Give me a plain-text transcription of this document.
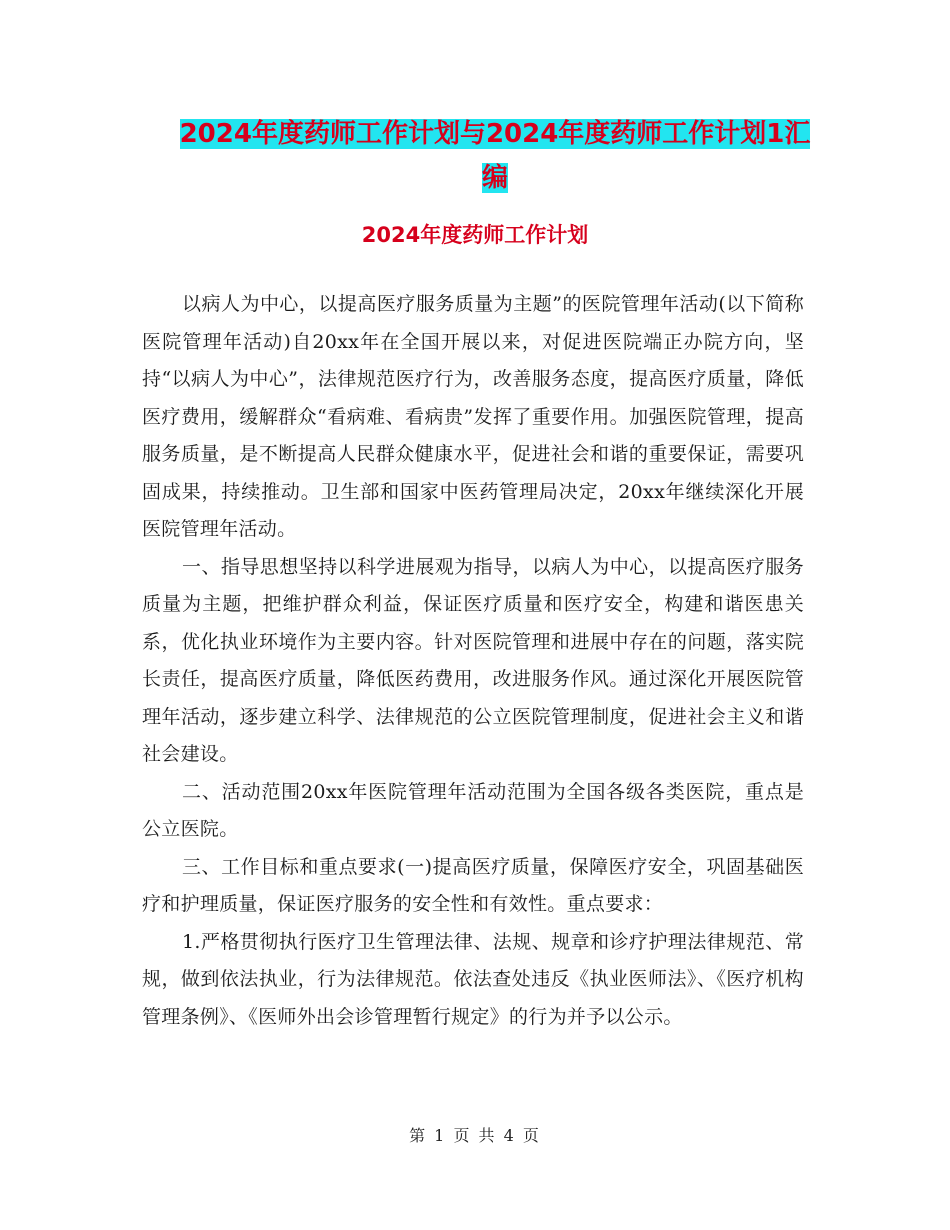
2024年度药师工作计划与2024年度药师工作计划1汇
编
2024年度药师工作计划

以病人为中心，以提高医疗服务质量为主题”的医院管理年活动(以下简称医院管理年活动)自20xx年在全国开展以来，对促进医院端正办院方向，坚持“以病人为中心”，法律规范医疗行为，改善服务态度，提高医疗质量，降低医疗费用，缓解群众“看病难、看病贵”发挥了重要作用。加强医院管理，提高服务质量，是不断提高人民群众健康水平，促进社会和谐的重要保证，需要巩固成果，持续推动。卫生部和国家中医药管理局决定，20xx年继续深化开展医院管理年活动。

一、指导思想坚持以科学进展观为指导，以病人为中心，以提高医疗服务质量为主题，把维护群众利益，保证医疗质量和医疗安全，构建和谐医患关系，优化执业环境作为主要内容。针对医院管理和进展中存在的问题，落实院长责任，提高医疗质量，降低医药费用，改进服务作风。通过深化开展医院管理年活动，逐步建立科学、法律规范的公立医院管理制度，促进社会主义和谐社会建设。

二、活动范围20xx年医院管理年活动范围为全国各级各类医院，重点是公立医院。

三、工作目标和重点要求(一)提高医疗质量，保障医疗安全，巩固基础医疗和护理质量，保证医疗服务的安全性和有效性。重点要求：

1.严格贯彻执行医疗卫生管理法律、法规、规章和诊疗护理法律规范、常规，做到依法执业，行为法律规范。依法查处违反《执业医师法》、《医疗机构管理条例》、《医师外出会诊管理暂行规定》的行为并予以公示。

第 1 页 共 4 页
